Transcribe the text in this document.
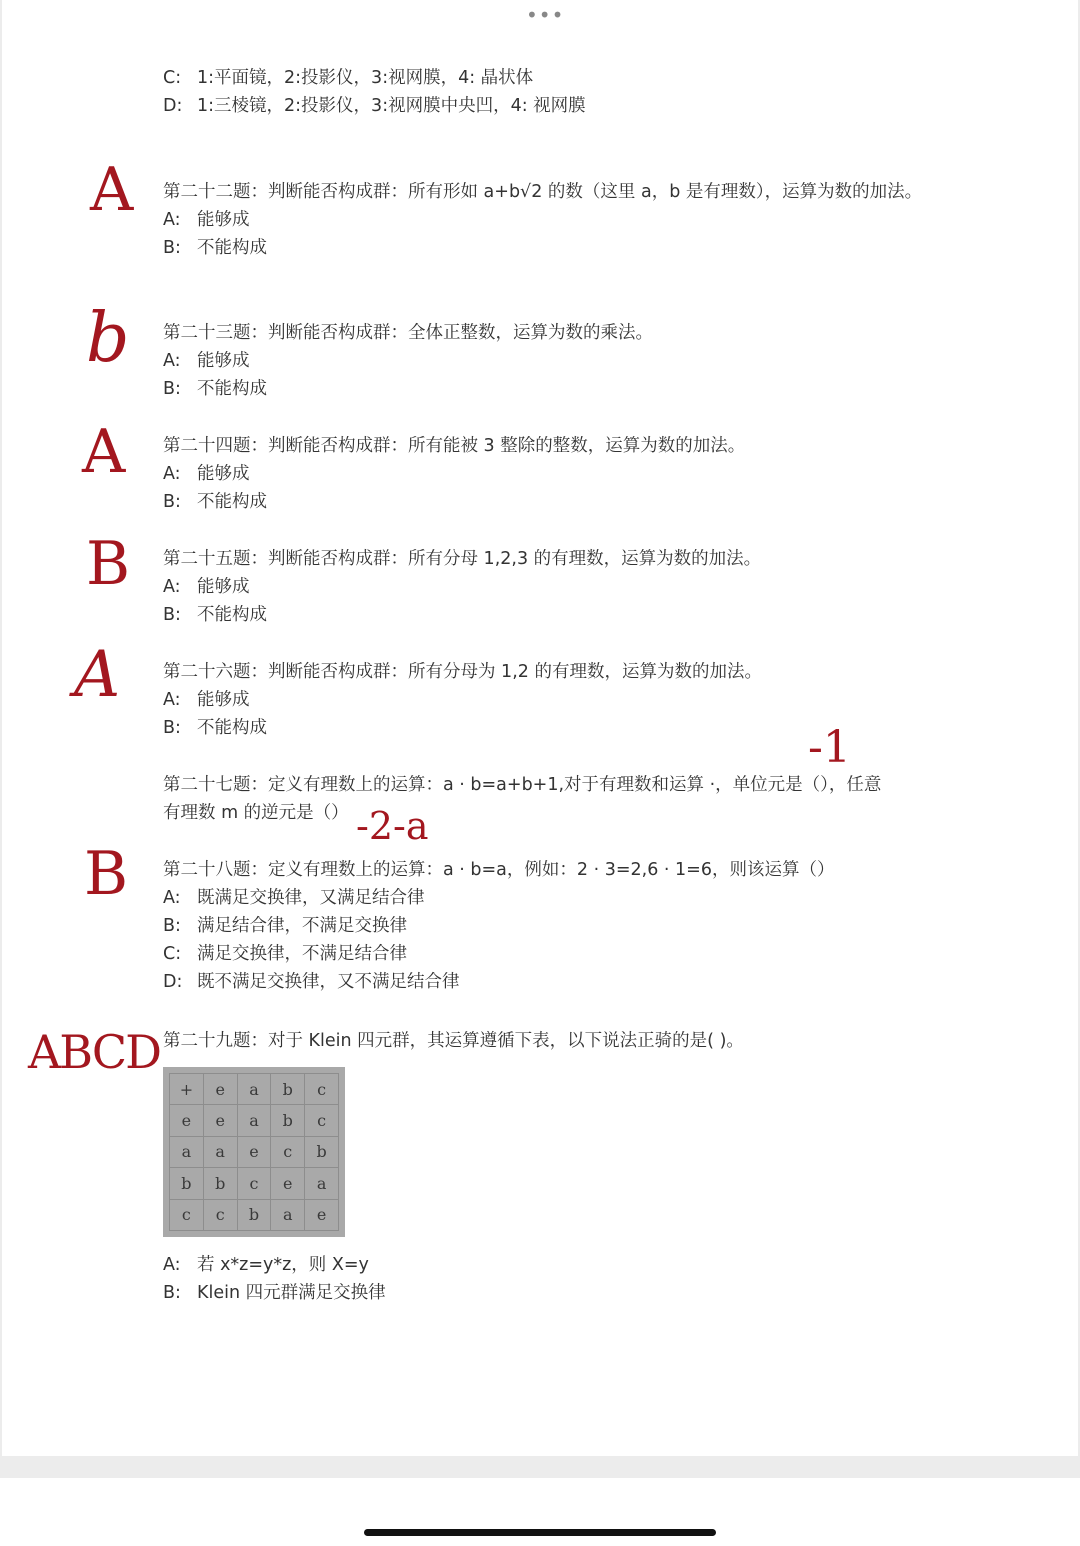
•••
C: 1:平面镜，2:投影仪，3:视网膜，4: 晶状体
D: 1:三棱镜，2:投影仪，3:视网膜中央凹，4: 视网膜
第二十二题：判断能否构成群：所有形如 a+b√2 的数（这里 a，b 是有理数），运算为数的加法。
A: 能够成
B: 不能构成
第二十三题：判断能否构成群：全体正整数，运算为数的乘法。
A: 能够成
B: 不能构成
第二十四题：判断能否构成群：所有能被 3 整除的整数，运算为数的加法。
A: 能够成
B: 不能构成
第二十五题：判断能否构成群：所有分母 1,2,3 的有理数，运算为数的加法。
A: 能够成
B: 不能构成
第二十六题：判断能否构成群：所有分母为 1,2 的有理数，运算为数的加法。
A: 能够成
B: 不能构成
第二十七题：定义有理数上的运算：a · b=a+b+1,对于有理数和运算 ·，单位元是（），任意
有理数 m 的逆元是（）
第二十八题：定义有理数上的运算：a · b=a，例如：2 · 3=2,6 · 1=6，则该运算（）
A: 既满足交换律，又满足结合律
B: 满足结合律，不满足交换律
C: 满足交换律，不满足结合律
D: 既不满足交换律，又不满足结合律
第二十九题：对于 Klein 四元群，其运算遵循下表，以下说法正骑的是( )。
A: 若 x*z=y*z，则 X=y
B: Klein 四元群满足交换律
+	e	a	b	c
e	e	a	b	c
a	a	e	c	b
b	b	c	e	a
c	c	b	a	e
A
b
A
B
A
-1
-2-a
B
ABCD
